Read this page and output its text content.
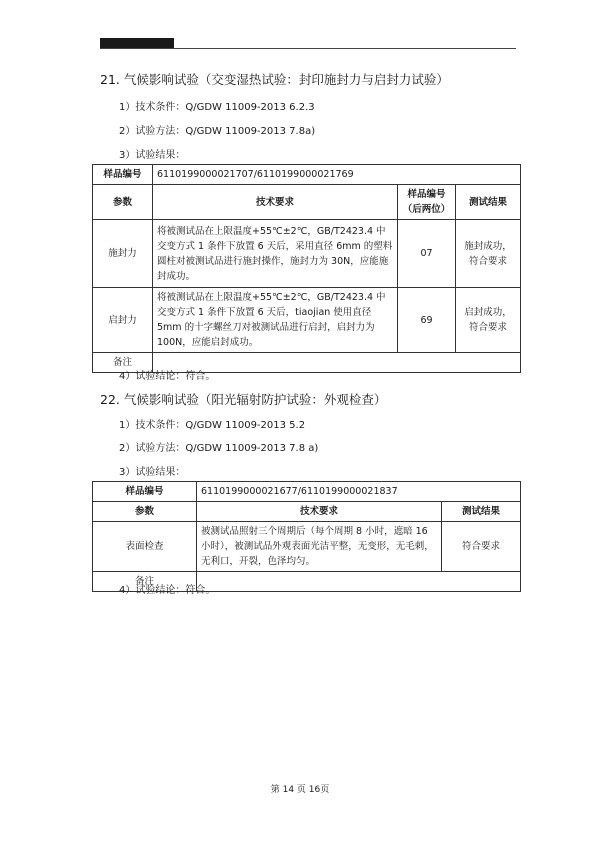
21. 气候影响试验（交变湿热试验：封印施封力与启封力试验）
1）技术条件：Q/GDW 11009-2013 6.2.3
2）试验方法：Q/GDW 11009-2013 7.8a)
3）试验结果：
样品编号	6110199000021707/6110199000021769		
参数	技术要求	样品编号（后两位）	测试结果
施封力	将被测试品在上限温度+55℃±2℃，GB/T2423.4 中交变方式 1 条件下放置 6 天后，采用直径 6mm 的塑料圆柱对被测试品进行施封操作，施封力为 30N，应能施封成功。	07	施封成功，符合要求
启封力	将被测试品在上限温度+55℃±2℃，GB/T2423.4 中交变方式 1 条件下放置 6 天后，tiaojian 使用直径 5mm 的十字螺丝刀对被测试品进行启封，启封力为 100N，应能启封成功。	69	启封成功，符合要求
备注			
4）试验结论：符合。
22. 气候影响试验（阳光辐射防护试验：外观检查）
1）技术条件：Q/GDW 11009-2013 5.2
2）试验方法：Q/GDW 11009-2013 7.8 a)
3）试验结果：
样品编号	6110199000021677/6110199000021837	
参数	技术要求	测试结果
表面检查	被测试品照射三个周期后（每个周期 8 小时，遮暗 16 小时），被测试品外观表面光洁平整，无变形，无毛刺，无利口，开裂，色泽均匀。	符合要求
备注		
4）试验结论：符合。
第 14 页 16页
